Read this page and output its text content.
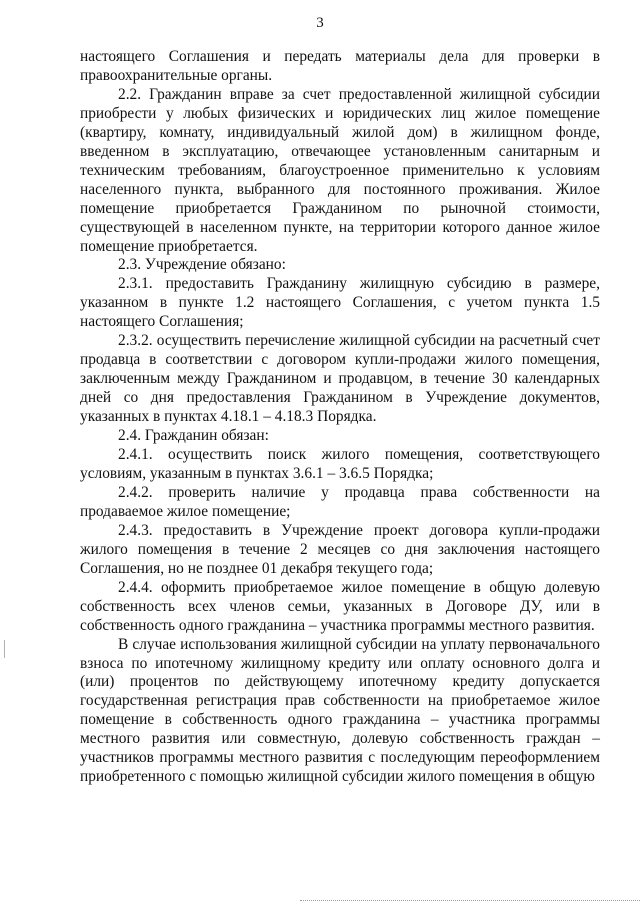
3

настоящего Соглашения и передать материалы дела для проверки в правоохранительные органы.

2.2. Гражданин вправе за счет предоставленной жилищной субсидии приобрести у любых физических и юридических лиц жилое помещение (квартиру, комнату, индивидуальный жилой дом) в жилищном фонде, введенном в эксплуатацию, отвечающее установленным санитарным и техническим требованиям, благоустроенное применительно к условиям населенного пункта, выбранного для постоянного проживания. Жилое помещение приобретается Гражданином по рыночной стоимости, существующей в населенном пункте, на территории которого данное жилое помещение приобретается.

2.3. Учреждение обязано:

2.3.1. предоставить Гражданину жилищную субсидию в размере, указанном в пункте 1.2 настоящего Соглашения, с учетом пункта 1.5 настоящего Соглашения;

2.3.2. осуществить перечисление жилищной субсидии на расчетный счет продавца в соответствии с договором купли-продажи жилого помещения, заключенным между Гражданином и продавцом, в течение 30 календарных дней со дня предоставления Гражданином в Учреждение документов, указанных в пунктах 4.18.1 – 4.18.3 Порядка.

2.4. Гражданин обязан:

2.4.1. осуществить поиск жилого помещения, соответствующего условиям, указанным в пунктах 3.6.1 – 3.6.5 Порядка;

2.4.2. проверить наличие у продавца права собственности на продаваемое жилое помещение;

2.4.3. предоставить в Учреждение проект договора купли-продажи жилого помещения в течение 2 месяцев со дня заключения настоящего Соглашения, но не позднее 01 декабря текущего года;

2.4.4. оформить приобретаемое жилое помещение в общую долевую собственность всех членов семьи, указанных в Договоре ДУ, или в собственность одного гражданина – участника программы местного развития.

В случае использования жилищной субсидии на уплату первоначального взноса по ипотечному жилищному кредиту или оплату основного долга и (или) процентов по действующему ипотечному кредиту допускается государственная регистрация прав собственности на приобретаемое жилое помещение в собственность одного гражданина – участника программы местного развития или совместную, долевую собственность граждан – участников программы местного развития с последующим переоформлением приобретенного с помощью жилищной субсидии жилого помещения в общую
